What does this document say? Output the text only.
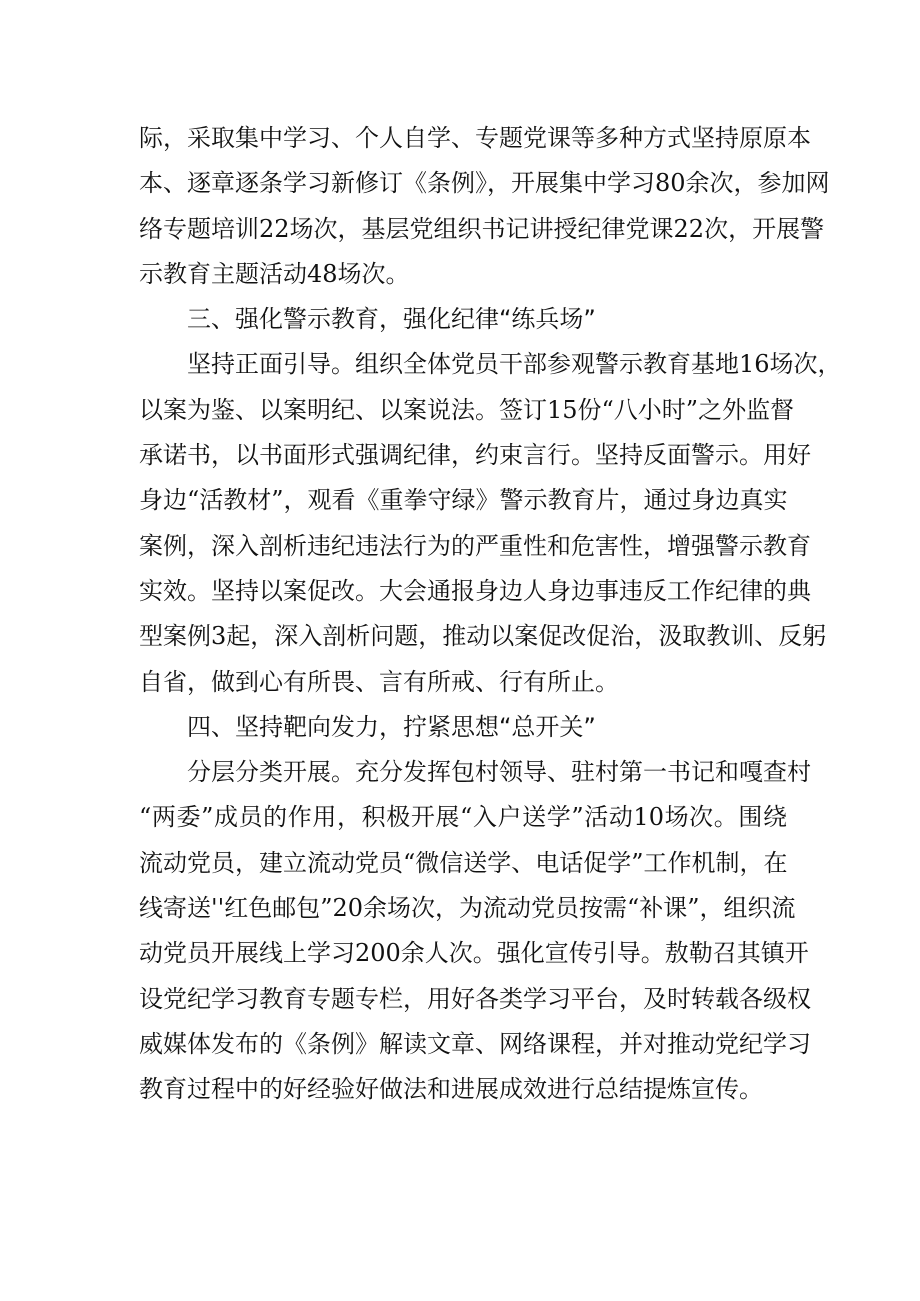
际，采取集中学习、个人自学、专题党课等多种方式坚持原原本
本、逐章逐条学习新修订《条例》，开展集中学习80余次，参加网
络专题培训22场次，基层党组织书记讲授纪律党课22次，开展警
示教育主题活动48场次。
三、强化警示教育，强化纪律“练兵场”
坚持正面引导。组织全体党员干部参观警示教育基地16场次，
以案为鉴、以案明纪、以案说法。签订15份“八小时”之外监督
承诺书，以书面形式强调纪律，约束言行。坚持反面警示。用好
身边“活教材”，观看《重拳守绿》警示教育片，通过身边真实
案例，深入剖析违纪违法行为的严重性和危害性，增强警示教育
实效。坚持以案促改。大会通报身边人身边事违反工作纪律的典
型案例3起，深入剖析问题，推动以案促改促治，汲取教训、反躬
自省，做到心有所畏、言有所戒、行有所止。
四、坚持靶向发力，拧紧思想“总开关”
分层分类开展。充分发挥包村领导、驻村第一书记和嘎查村
“两委”成员的作用，积极开展“入户送学”活动10场次。围绕
流动党员，建立流动党员“微信送学、电话促学”工作机制，在
线寄送''红色邮包”20余场次，为流动党员按需“补课”，组织流
动党员开展线上学习200余人次。强化宣传引导。敖勒召其镇开
设党纪学习教育专题专栏，用好各类学习平台，及时转载各级权
威媒体发布的《条例》解读文章、网络课程，并对推动党纪学习
教育过程中的好经验好做法和进展成效进行总结提炼宣传。
